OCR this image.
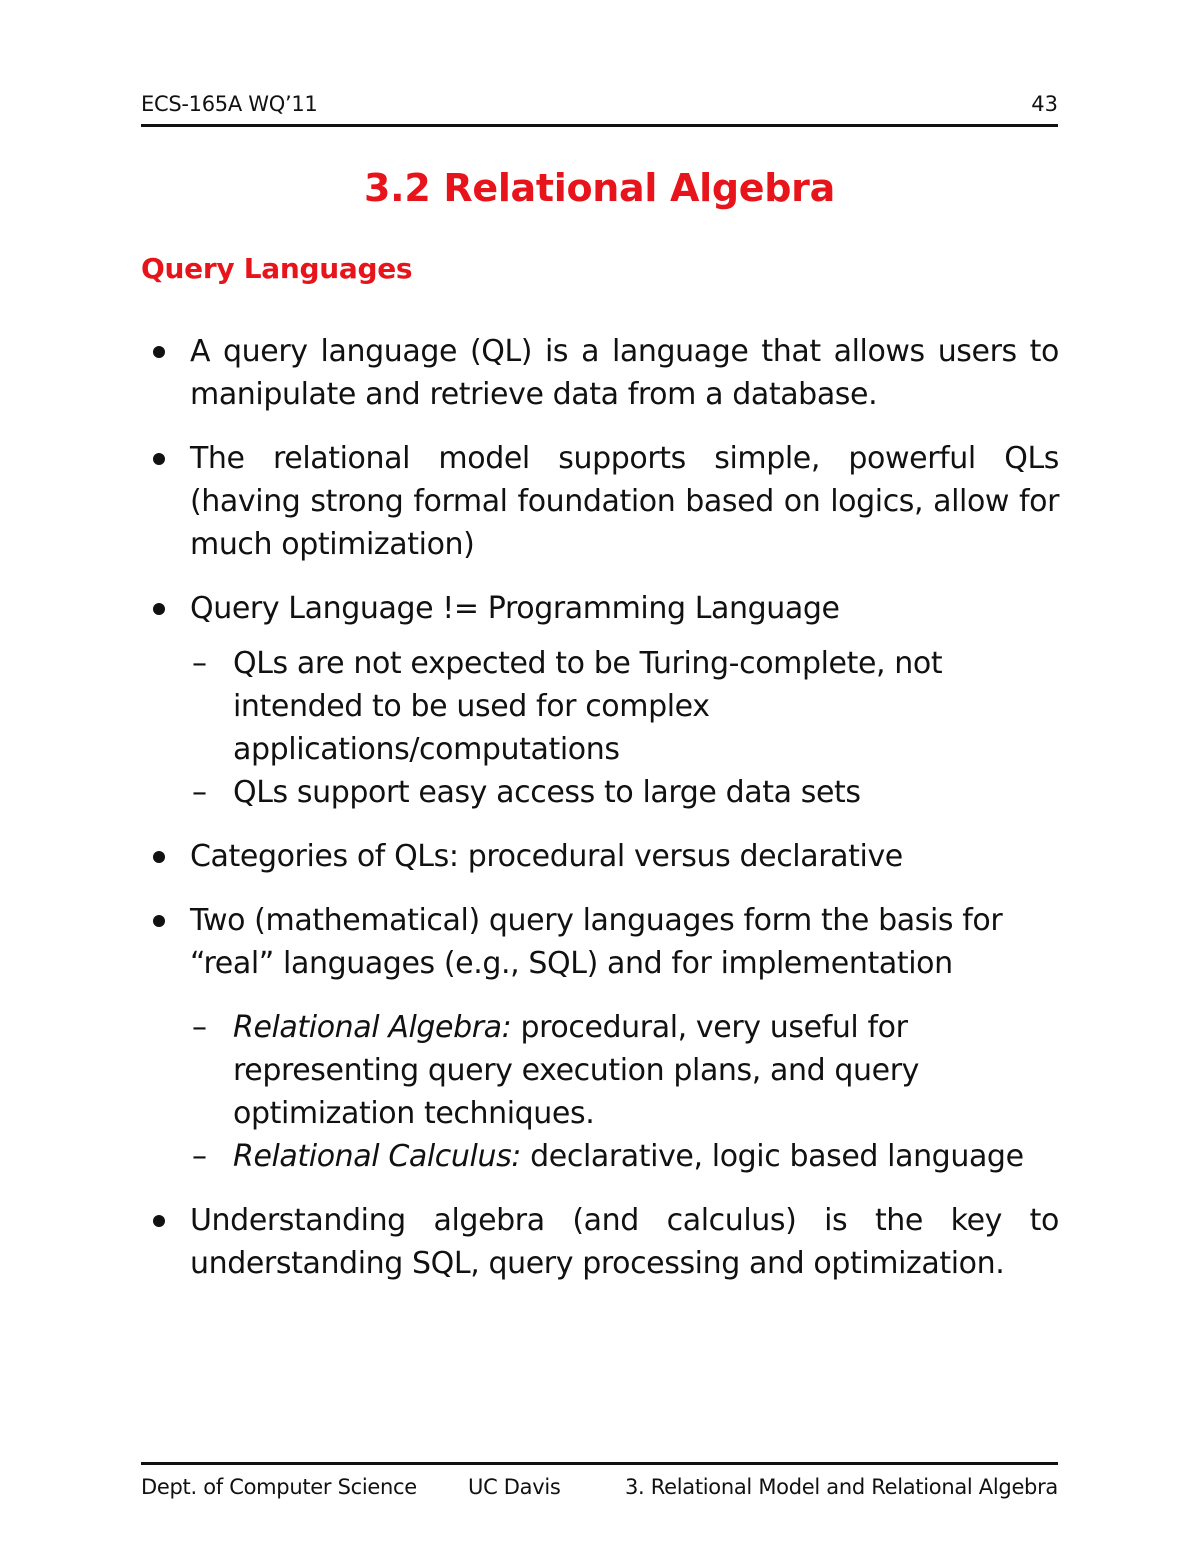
ECS-165A WQ’11	43
3.2 Relational Algebra
Query Languages
A query language (QL) is a language that allows users to manipulate and retrieve data from a database.
The relational model supports simple, powerful QLs (having strong formal foundation based on logics, allow for much optimization)
Query Language != Programming Language
– QLs are not expected to be Turing-complete, not intended to be used for complex applications/computations
– QLs support easy access to large data sets
Categories of QLs: procedural versus declarative
Two (mathematical) query languages form the basis for “real” languages (e.g., SQL) and for implementation
– Relational Algebra: procedural, very useful for representing query execution plans, and query optimization techniques.
– Relational Calculus: declarative, logic based language
Understanding algebra (and calculus) is the key to understanding SQL, query processing and optimization.
Dept. of Computer Science UC Davis	3. Relational Model and Relational Algebra
